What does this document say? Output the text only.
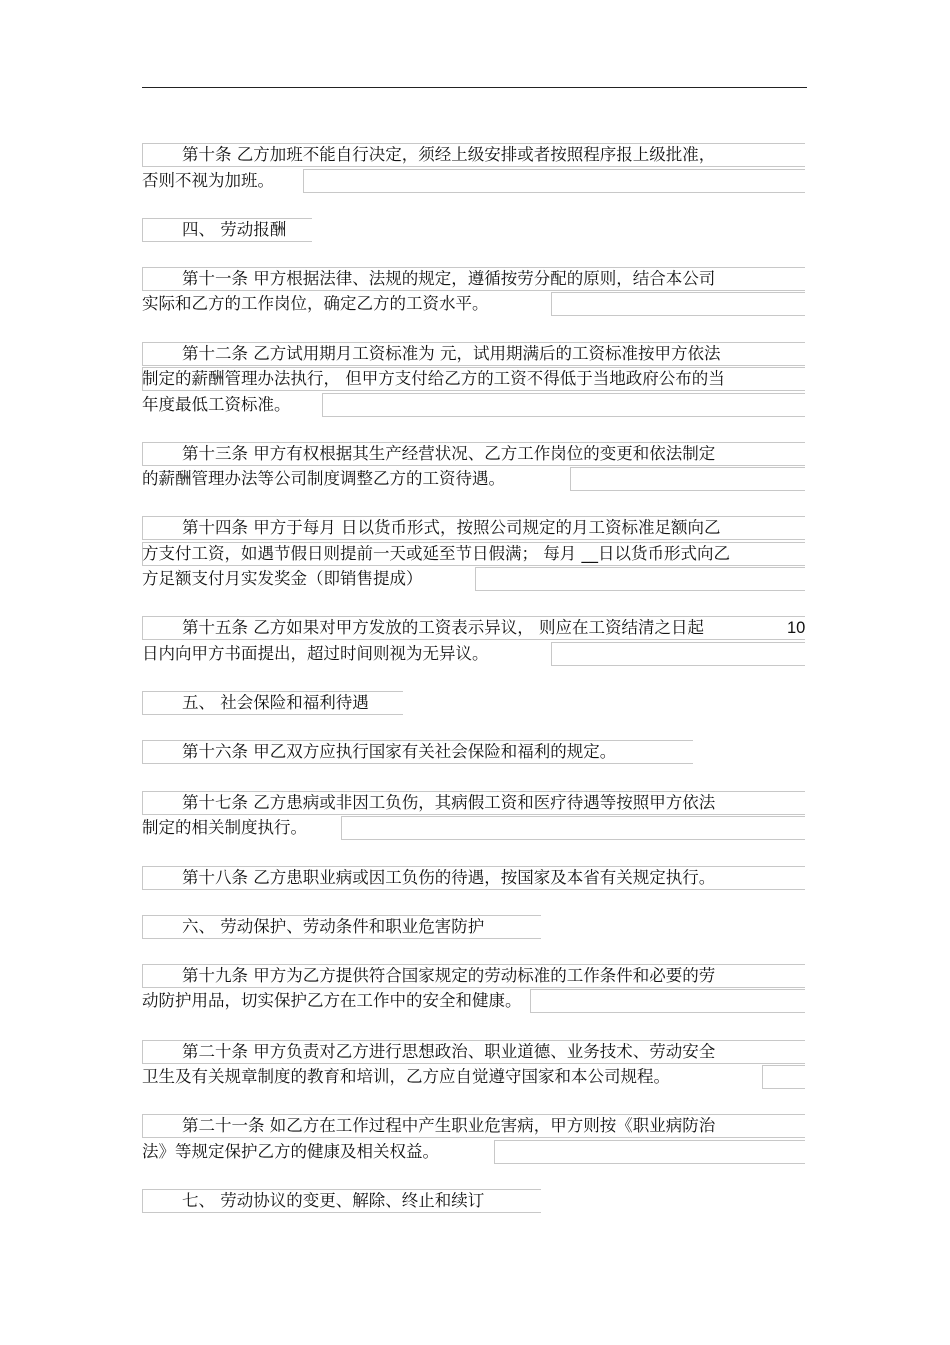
第十条 乙方加班不能自行决定，须经上级安排或者按照程序报上级批准，
否则不视为加班。
四、 劳动报酬
第十一条 甲方根据法律、法规的规定，遵循按劳分配的原则，结合本公司
实际和乙方的工作岗位，确定乙方的工资水平。
第十二条 乙方试用期月工资标准为 元，试用期满后的工资标准按甲方依法
制定的薪酬管理办法执行， 但甲方支付给乙方的工资不得低于当地政府公布的当
年度最低工资标准。
第十三条 甲方有权根据其生产经营状况、乙方工作岗位的变更和依法制定
的薪酬管理办法等公司制度调整乙方的工资待遇。
第十四条 甲方于每月 日以货币形式，按照公司规定的月工资标准足额向乙
方支付工资，如遇节假日则提前一天或延至节日假满； 每月 __日以货币形式向乙
方足额支付月实发奖金（即销售提成）
第十五条 乙方如果对甲方发放的工资表示异议， 则应在工资结清之日起	10
日内向甲方书面提出，超过时间则视为无异议。
五、 社会保险和福利待遇
第十六条 甲乙双方应执行国家有关社会保险和福利的规定。
第十七条 乙方患病或非因工负伤，其病假工资和医疗待遇等按照甲方依法
制定的相关制度执行。
第十八条 乙方患职业病或因工负伤的待遇，按国家及本省有关规定执行。
六、 劳动保护、劳动条件和职业危害防护
第十九条 甲方为乙方提供符合国家规定的劳动标准的工作条件和必要的劳
动防护用品，切实保护乙方在工作中的安全和健康。
第二十条 甲方负责对乙方进行思想政治、职业道德、业务技术、劳动安全
卫生及有关规章制度的教育和培训，乙方应自觉遵守国家和本公司规程。
第二十一条 如乙方在工作过程中产生职业危害病，甲方则按《职业病防治
法》等规定保护乙方的健康及相关权益。
七、 劳动协议的变更、解除、终止和续订
